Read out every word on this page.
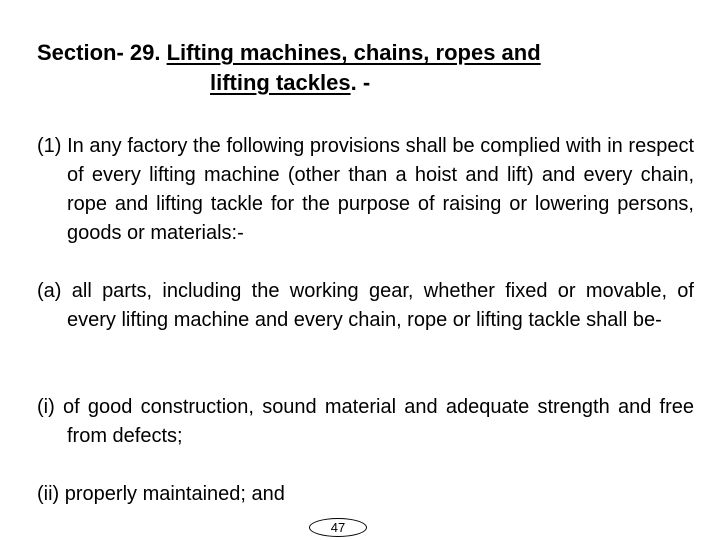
Section- 29. Lifting machines, chains, ropes and
lifting tackles. -
(1) In any factory the following provisions shall be complied with in respect of every lifting machine (other than a hoist and lift) and every chain, rope and lifting tackle for the purpose of raising or lowering persons, goods or materials:-
(a) all parts, including the working gear, whether fixed or movable, of every lifting machine and every chain, rope or lifting tackle shall be-
(i) of good construction, sound material and adequate strength and free from defects;
(ii) properly maintained; and
47
